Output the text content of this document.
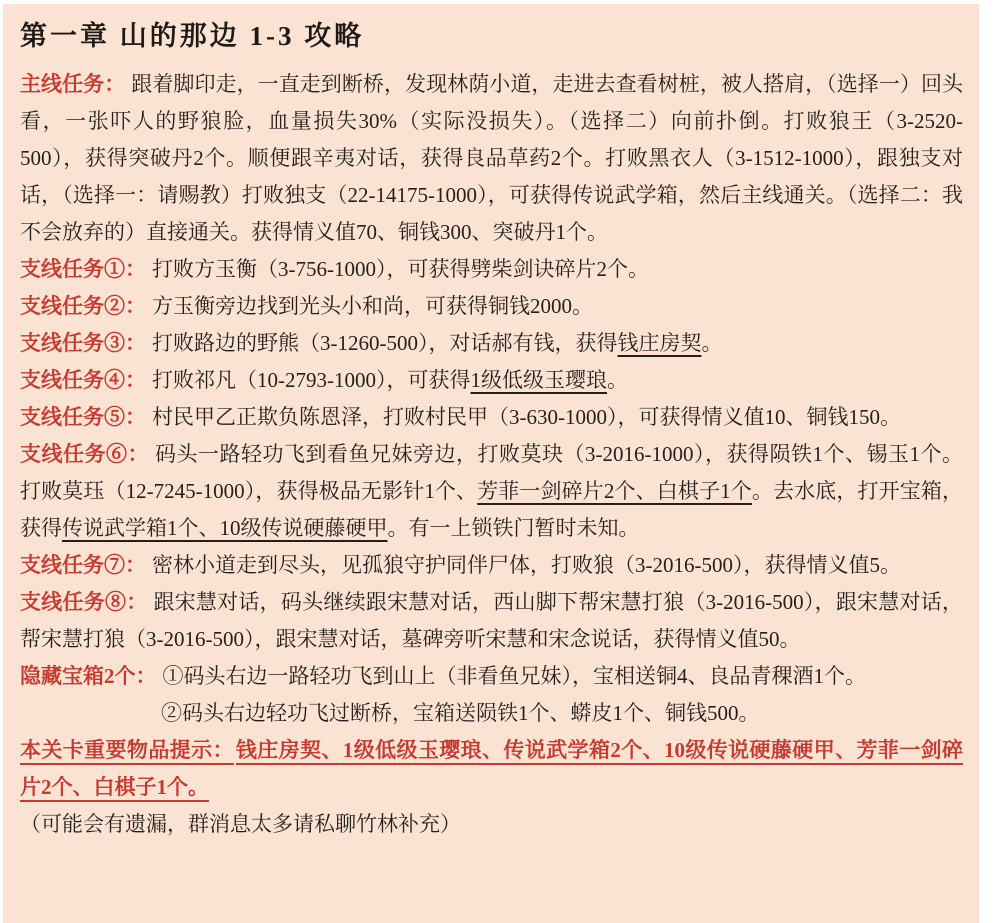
第一章 山的那边 1-3 攻略

主线任务： 跟着脚印走，一直走到断桥，发现林荫小道，走进去查看树桩，被人搭肩，（选择一）回头看，一张吓人的野狼脸，血量损失30%（实际没损失）。（选择二）向前扑倒。打败狼王（3-2520-500），获得突破丹2个。顺便跟辛夷对话，获得良品草药2个。打败黑衣人（3-1512-1000），跟独支对话，（选择一：请赐教）打败独支（22-14175-1000），可获得传说武学箱，然后主线通关。（选择二：我不会放弃的）直接通关。获得情义值70、铜钱300、突破丹1个。

支线任务①： 打败方玉衡（3-756-1000），可获得劈柴剑诀碎片2个。

支线任务②： 方玉衡旁边找到光头小和尚，可获得铜钱2000。

支线任务③： 打败路边的野熊（3-1260-500），对话郝有钱，获得钱庄房契。

支线任务④： 打败祁凡（10-2793-1000），可获得1级低级玉璎琅。

支线任务⑤： 村民甲乙正欺负陈恩泽，打败村民甲（3-630-1000），可获得情义值10、铜钱150。

支线任务⑥： 码头一路轻功飞到看鱼兄妹旁边，打败莫玦（3-2016-1000），获得陨铁1个、锡玉1个。打败莫珏（12-7245-1000），获得极品无影针1个、芳菲一剑碎片2个、白棋子1个。去水底，打开宝箱，获得传说武学箱1个、10级传说硬藤硬甲。有一上锁铁门暂时未知。

支线任务⑦： 密林小道走到尽头，见孤狼守护同伴尸体，打败狼（3-2016-500），获得情义值5。

支线任务⑧： 跟宋慧对话，码头继续跟宋慧对话，西山脚下帮宋慧打狼（3-2016-500），跟宋慧对话，帮宋慧打狼（3-2016-500），跟宋慧对话，墓碑旁听宋慧和宋念说话，获得情义值50。

隐藏宝箱2个： ①码头右边一路轻功飞到山上（非看鱼兄妹），宝相送铜4、良品青稞酒1个。
②码头右边轻功飞过断桥，宝箱送陨铁1个、蟒皮1个、铜钱500。

本关卡重要物品提示：钱庄房契、1级低级玉璎琅、传说武学箱2个、10级传说硬藤硬甲、芳菲一剑碎片2个、白棋子1个。

（可能会有遗漏，群消息太多请私聊竹林补充）
